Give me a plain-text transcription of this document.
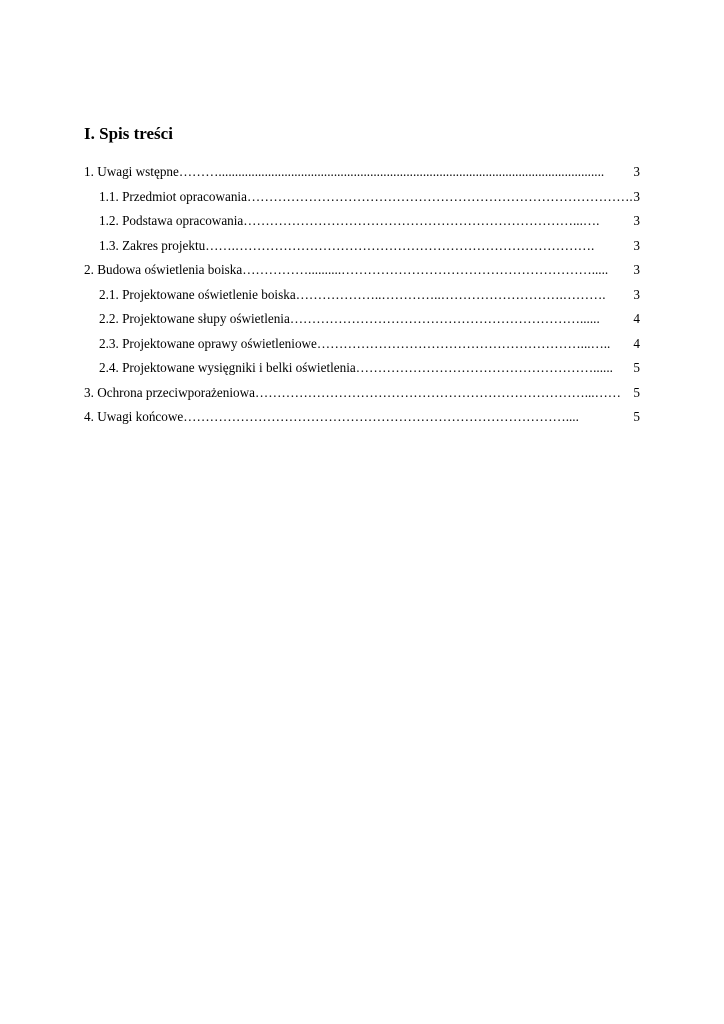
I. Spis treści
1. Uwagi wstępne ……….....................................................................................................................	3
1.1. Przedmiot opracowania ……………………………………………………………………………. 3
1.2. Podstawa opracowania …………………………………………………………………...….	3
1.3. Zakres projektu …….……………………………………………………………………….	3
2. Budowa oświetlenia boiska ……………..........………………………………………………….....	3
2.1. Projektowane oświetlenie boiska ………………..…………..……………………….……….	3
2.2. Projektowane słupy oświetlenia …………………………………………………………......	4
2.3. Projektowane oprawy oświetleniowe ……………………………………………………...…..	4
2.4. Projektowane wysięgniki i belki oświetlenia ………………………………………………......	5
3. Ochrona przeciwporażeniowa …………………………………………………………………...…… 5
4. Uwagi końcowe ……………………………………………………………………………....	5
